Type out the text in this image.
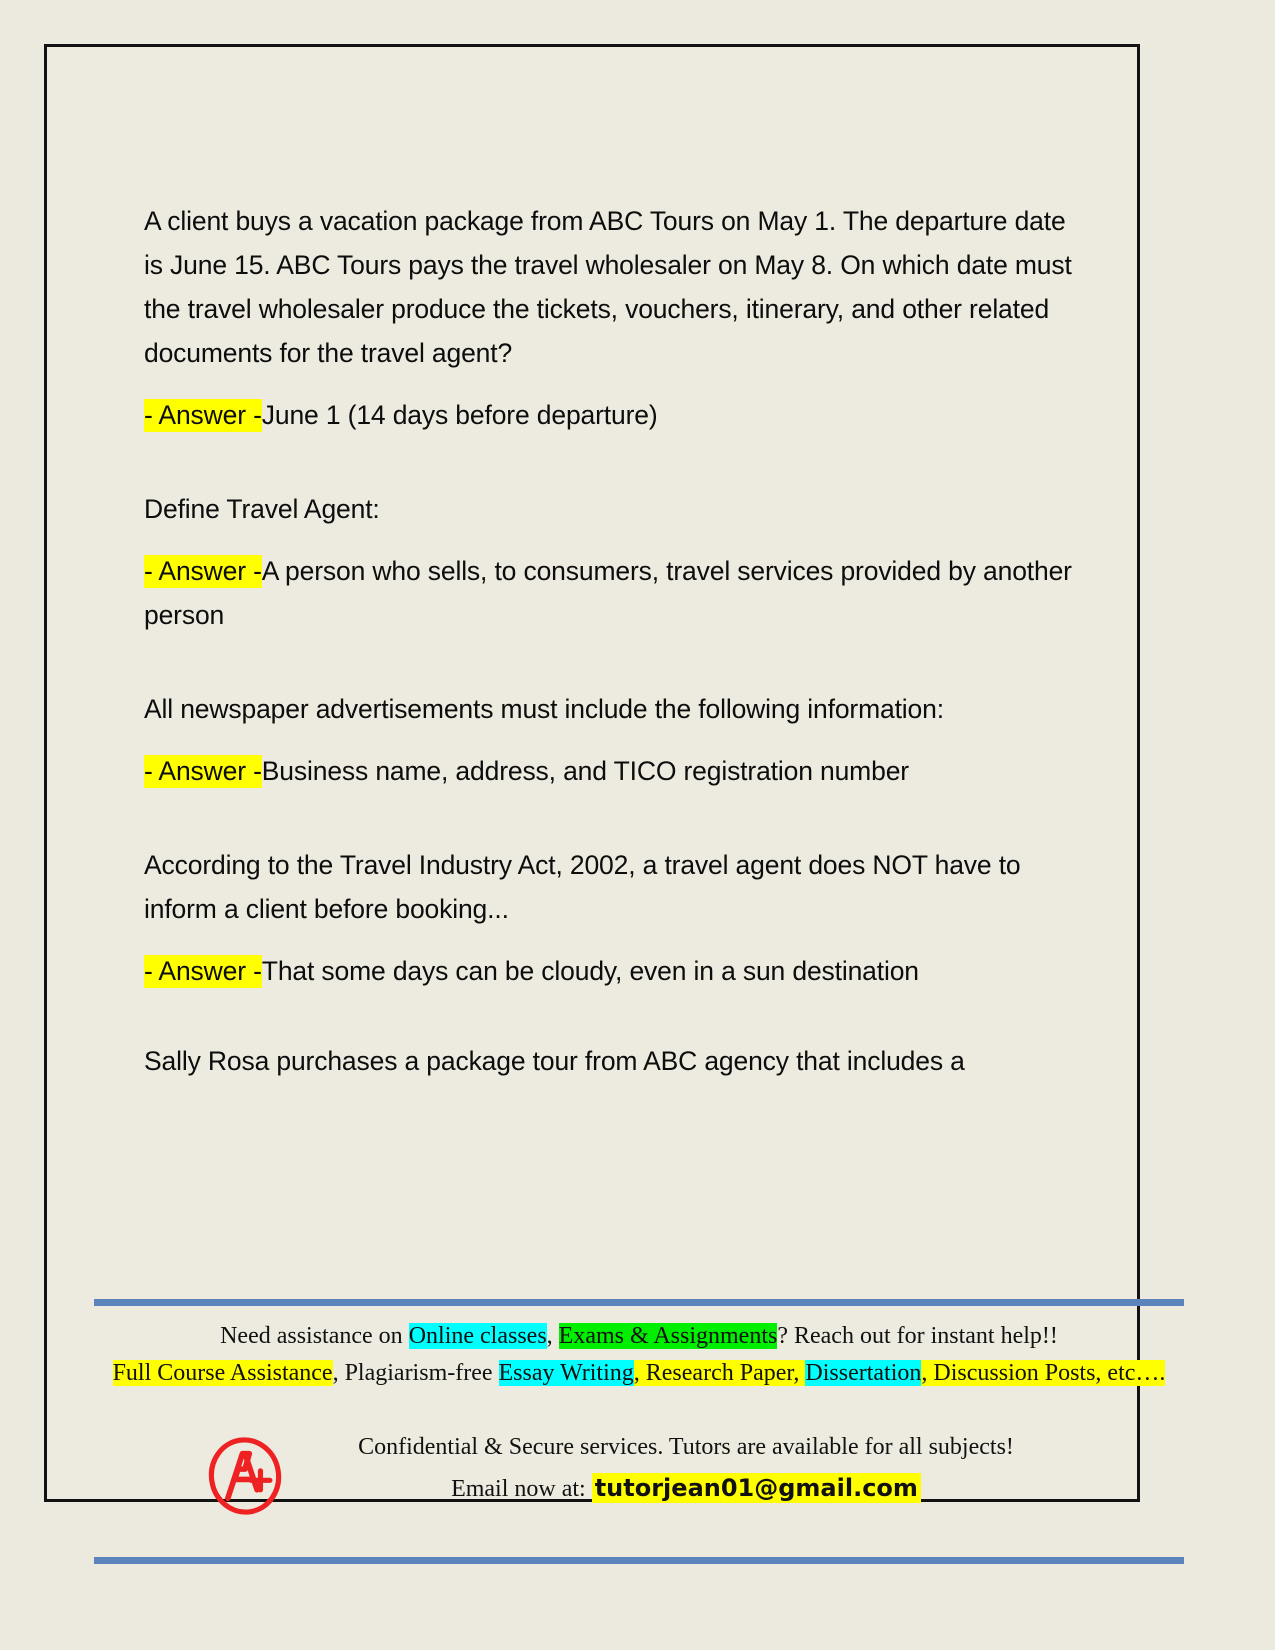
A client buys a vacation package from ABC Tours on May 1. The departure date is June 15. ABC Tours pays the travel wholesaler on May 8. On which date must the travel wholesaler produce the tickets, vouchers, itinerary, and other related documents for the travel agent?

- Answer -June 1 (14 days before departure)

Define Travel Agent:

- Answer -A person who sells, to consumers, travel services provided by another person

All newspaper advertisements must include the following information:

- Answer -Business name, address, and TICO registration number

According to the Travel Industry Act, 2002, a travel agent does NOT have to inform a client before booking...

- Answer -That some days can be cloudy, even in a sun destination

Sally Rosa purchases a package tour from ABC agency that includes a

Need assistance on Online classes, Exams & Assignments? Reach out for instant help!!
Full Course Assistance, Plagiarism-free Essay Writing, Research Paper, Dissertation, Discussion Posts, etc….
Confidential & Secure services. Tutors are available for all subjects!
Email now at: tutorjean01@gmail.com
